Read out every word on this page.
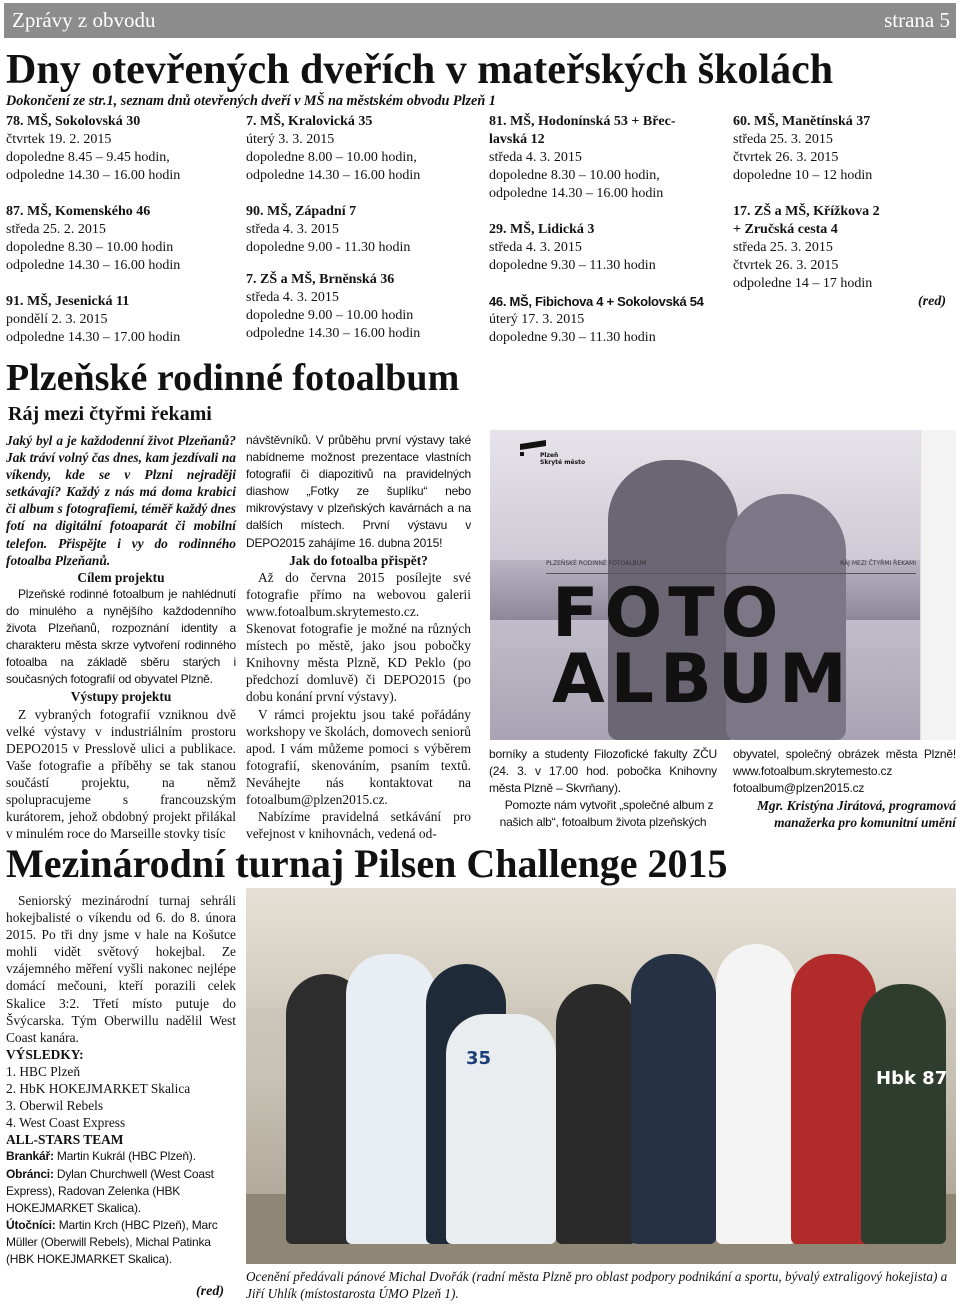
Zprávy z obvodu	strana 5
Dny otevřených dveřích v mateřských školách
Dokončení ze str.1, seznam dnů otevřených dveří v MŠ na městském obvodu Plzeň 1
78. MŠ, Sokolovská 30
čtvrtek 19. 2. 2015
dopoledne 8.45 – 9.45 hodin,
odpoledne 14.30 – 16.00 hodin
87. MŠ, Komenského 46
středa 25. 2. 2015
dopoledne 8.30 – 10.00 hodin
odpoledne 14.30 – 16.00 hodin
91. MŠ, Jesenická 11
pondělí 2. 3. 2015
odpoledne 14.30 – 17.00 hodin
7. MŠ, Kralovická 35
úterý 3. 3. 2015
dopoledne 8.00 – 10.00 hodin,
odpoledne 14.30 – 16.00 hodin
90. MŠ, Západní 7
středa 4. 3. 2015
dopoledne 9.00 - 11.30 hodin
7. ZŠ a MŠ, Brněnská 36
středa 4. 3. 2015
dopoledne 9.00 – 10.00 hodin
odpoledne 14.30 – 16.00 hodin
81. MŠ, Hodonínská 53 + Břec-
lavská 12
středa 4. 3. 2015
dopoledne 8.30 – 10.00 hodin,
odpoledne 14.30 – 16.00 hodin
29. MŠ, Lidická 3
středa 4. 3. 2015
dopoledne 9.30 – 11.30 hodin
46. MŠ, Fibichova 4 + Sokolovská 54
úterý 17. 3. 2015
dopoledne 9.30 – 11.30 hodin
60. MŠ, Manětínská 37
středa 25. 3. 2015
čtvrtek 26. 3. 2015
dopoledne 10 – 12 hodin
17. ZŠ a MŠ, Křížkova 2
+ Zručská cesta 4
středa 25. 3. 2015
čtvrtek 26. 3. 2015
odpoledne 14 – 17 hodin
(red)
Plzeňské rodinné fotoalbum
Ráj mezi čtyřmi řekami

Jaký byl a je každodenní život Plzeňanů? Jak tráví volný čas dnes, kam jezdívali na víkendy, kde se v Plzni nejraději setkávají? Každý z nás má doma krabici či album s fotografiemi, téměř každý dnes fotí na digitální fotoaparát či mobilní telefon. Přispějte i vy do rodinného fotoalba Plzeňanů.

Cílem projektu

Plzeňské rodinné fotoalbum je nahlédnutí do minulého a nynějšího každodenního života Plzeňanů, rozpoznání identity a charakteru města skrze vytvoření rodinného fotoalba na základě sběru starých i současných fotografií od obyvatel Plzně.

Výstupy projektu

Z vybraných fotografií vzniknou dvě velké výstavy v industriálním prostoru DEPO2015 v Presslově ulici a publikace. Vaše fotografie a příběhy se tak stanou součástí projektu, na němž spolupracujeme s francouzským kurátorem, jehož obdobný projekt přilákal v minulém roce do Marseille stovky tisíc

návštěvníků. V průběhu první výstavy také nabídneme možnost prezentace vlastních fotografií či diapozitivů na pravidelných diashow „Fotky ze šuplíku“ nebo mikrovýstavy v plzeňských kavárnách a na dalších místech. První výstavu v DEPO2015 zahájíme 16. dubna 2015!

Jak do fotoalba přispět?

Až do června 2015 posílejte své fotografie přímo na webovou galerii www.fotoalbum.skrytemesto.cz. Skenovat fotografie je možné na různých místech po městě, jako jsou pobočky Knihovny města Plzně, KD Peklo (po předchozí domluvě) či DEPO2015 (po dobu konání první výstavy).

V rámci projektu jsou také pořádány workshopy ve školách, domovech seniorů apod. I vám můžeme pomoci s výběrem fotografií, skenováním, psaním textů. Neváhejte nás kontaktovat na fotoalbum@plzen2015.cz.

Nabízíme pravidelná setkávání pro veřejnost v knihovnách, vedená od-

Plzeň
Skryté město
PLZEŇSKÉ RODINNÉ FOTOALBUM	RÁJ MEZI ČTYŘMI ŘEKAMI
FOTO
ALBUM

borníky a studenty Filozofické fakulty ZČU (24. 3. v 17.00 hod. pobočka Knihovny města Plzně – Skvrňany).

Pomozte nám vytvořit „společné album z našich alb“, fotoalbum života plzeňských

obyvatel, společný obrázek města Plzně! www.fotoalbum.skrytemesto.cz fotoalbum@plzen2015.cz

Mgr. Kristýna Jirátová, programová manažerka pro komunitní umění

Mezinárodní turnaj Pilsen Challenge 2015

Seniorský mezinárodní turnaj sehráli hokejbalisté o víkendu od 6. do 8. února 2015. Po tři dny jsme v hale na Košutce mohli vidět světový hokejbal. Ze vzájemného měření vyšli nakonec nejlépe domácí mečouni, kteří porazili celek Skalice 3:2. Třetí místo putuje do Švýcarska. Tým Oberwillu nadělil West Coast kanára.

VÝSLEDKY:
1. HBC Plzeň
2. HbK HOKEJMARKET Skalica
3. Oberwil Rebels
4. West Coast Express
ALL-STARS TEAM
Brankář: Martin Kukrál (HBC Plzeň).
Obránci: Dylan Churchwell (West Coast Express), Radovan Zelenka (HBK HOKEJMARKET Skalica).
Útočníci: Martin Krch (HBC Plzeň), Marc Müller (Oberwill Rebels), Michal Patinka (HBK HOKEJMARKET Skalica).
(red)
35
Hbk 87
Ocenění předávali pánové Michal Dvořák (radní města Plzně pro oblast podpory podnikání a sportu, bývalý extraligový hokejista) a Jiří Uhlík (místostarosta ÚMO Plzeň 1).
